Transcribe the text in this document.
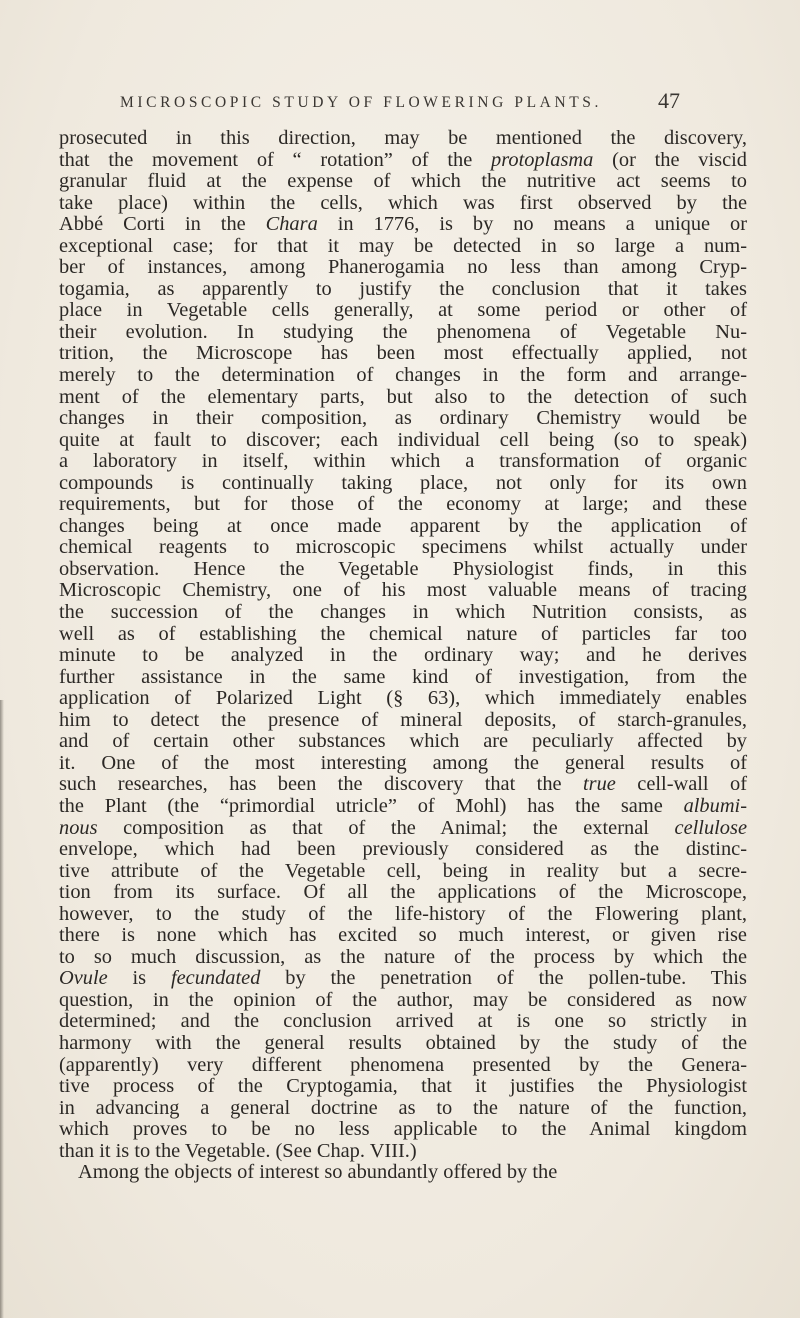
MICROSCOPIC STUDY OF FLOWERING PLANTS.	47
prosecuted in this direction, may be mentioned the discovery,
that the movement of “ rotation” of the protoplasma (or the viscid
granular fluid at the expense of which the nutritive act seems to
take place) within the cells, which was first observed by the
Abbé Corti in the Chara in 1776, is by no means a unique or
exceptional case; for that it may be detected in so large a num-
ber of instances, among Phanerogamia no less than among Cryp-
togamia, as apparently to justify the conclusion that it takes
place in Vegetable cells generally, at some period or other of
their evolution. In studying the phenomena of Vegetable Nu-
trition, the Microscope has been most effectually applied, not
merely to the determination of changes in the form and arrange-
ment of the elementary parts, but also to the detection of such
changes in their composition, as ordinary Chemistry would be
quite at fault to discover; each individual cell being (so to speak)
a laboratory in itself, within which a transformation of organic
compounds is continually taking place, not only for its own
requirements, but for those of the economy at large; and these
changes being at once made apparent by the application of
chemical reagents to microscopic specimens whilst actually under
observation. Hence the Vegetable Physiologist finds, in this
Microscopic Chemistry, one of his most valuable means of tracing
the succession of the changes in which Nutrition consists, as
well as of establishing the chemical nature of particles far too
minute to be analyzed in the ordinary way; and he derives
further assistance in the same kind of investigation, from the
application of Polarized Light (§ 63), which immediately enables
him to detect the presence of mineral deposits, of starch-granules,
and of certain other substances which are peculiarly affected by
it. One of the most interesting among the general results of
such researches, has been the discovery that the true cell-wall of
the Plant (the “primordial utricle” of Mohl) has the same albumi-
nous composition as that of the Animal; the external cellulose
envelope, which had been previously considered as the distinc-
tive attribute of the Vegetable cell, being in reality but a secre-
tion from its surface. Of all the applications of the Microscope,
however, to the study of the life-history of the Flowering plant,
there is none which has excited so much interest, or given rise
to so much discussion, as the nature of the process by which the
Ovule is fecundated by the penetration of the pollen-tube. This
question, in the opinion of the author, may be considered as now
determined; and the conclusion arrived at is one so strictly in
harmony with the general results obtained by the study of the
(apparently) very different phenomena presented by the Genera-
tive process of the Cryptogamia, that it justifies the Physiologist
in advancing a general doctrine as to the nature of the function,
which proves to be no less applicable to the Animal kingdom
than it is to the Vegetable. (See Chap. VIII.)
Among the objects of interest so abundantly offered by the
